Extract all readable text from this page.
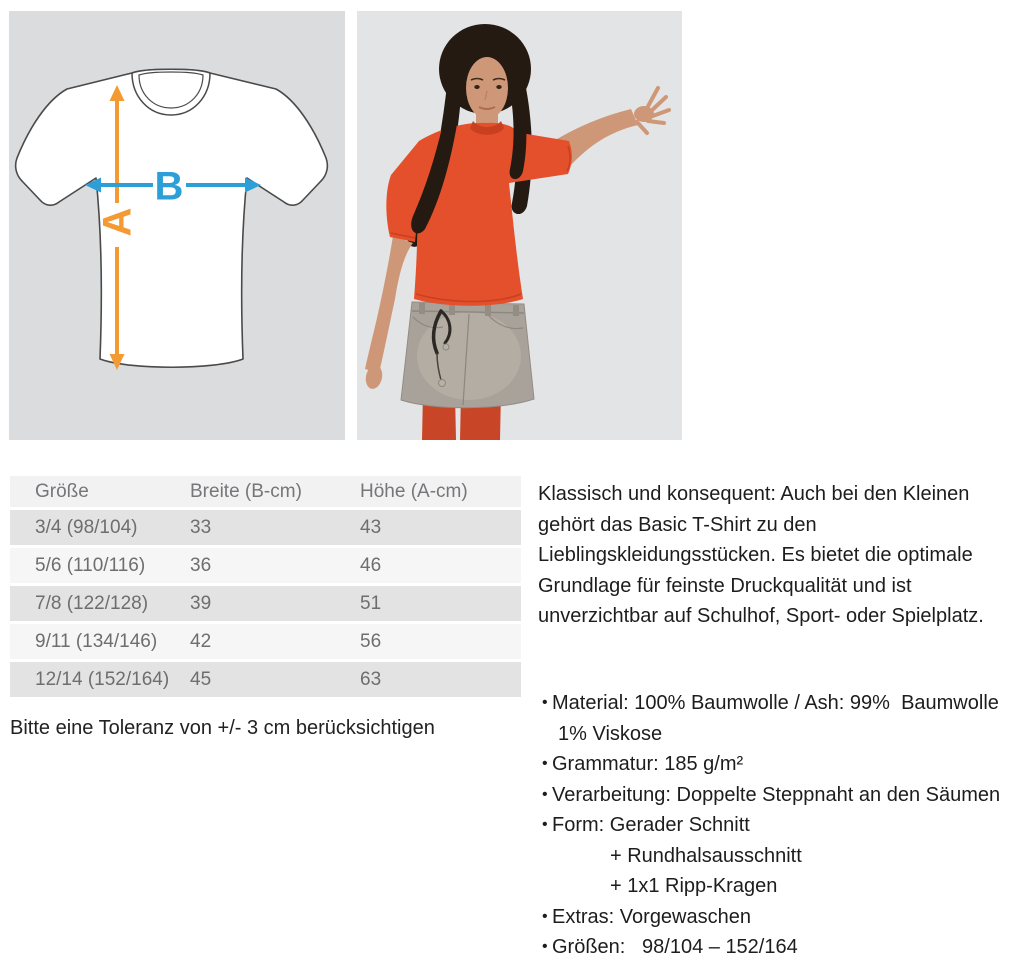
A
B
Größe	Breite (B-cm)	Höhe (A-cm)
3/4 (98/104)	33	43
5/6 (110/116)	36	46
7/8 (122/128)	39	51
9/11 (134/146)	42	56
12/14 (152/164)	45	63
Bitte eine Toleranz von +/- 3 cm berücksichtigen
Klassisch und konsequent: Auch bei den Kleinen
gehört das Basic T-Shirt zu den
Lieblingskleidungsstücken. Es bietet die optimale
Grundlage für feinste Druckqualität und ist
unverzichtbar auf Schulhof, Sport- oder Spielplatz.
• Material: 100% Baumwolle / Ash: 99%  Baumwolle
1% Viskose
• Grammatur: 185 g/m²
• Verarbeitung: Doppelte Steppnaht an den Säumen
• Form: Gerader Schnitt
+ Rundhalsausschnitt
+ 1x1 Ripp-Kragen
• Extras: Vorgewaschen
• Größen:   98/104 – 152/164
